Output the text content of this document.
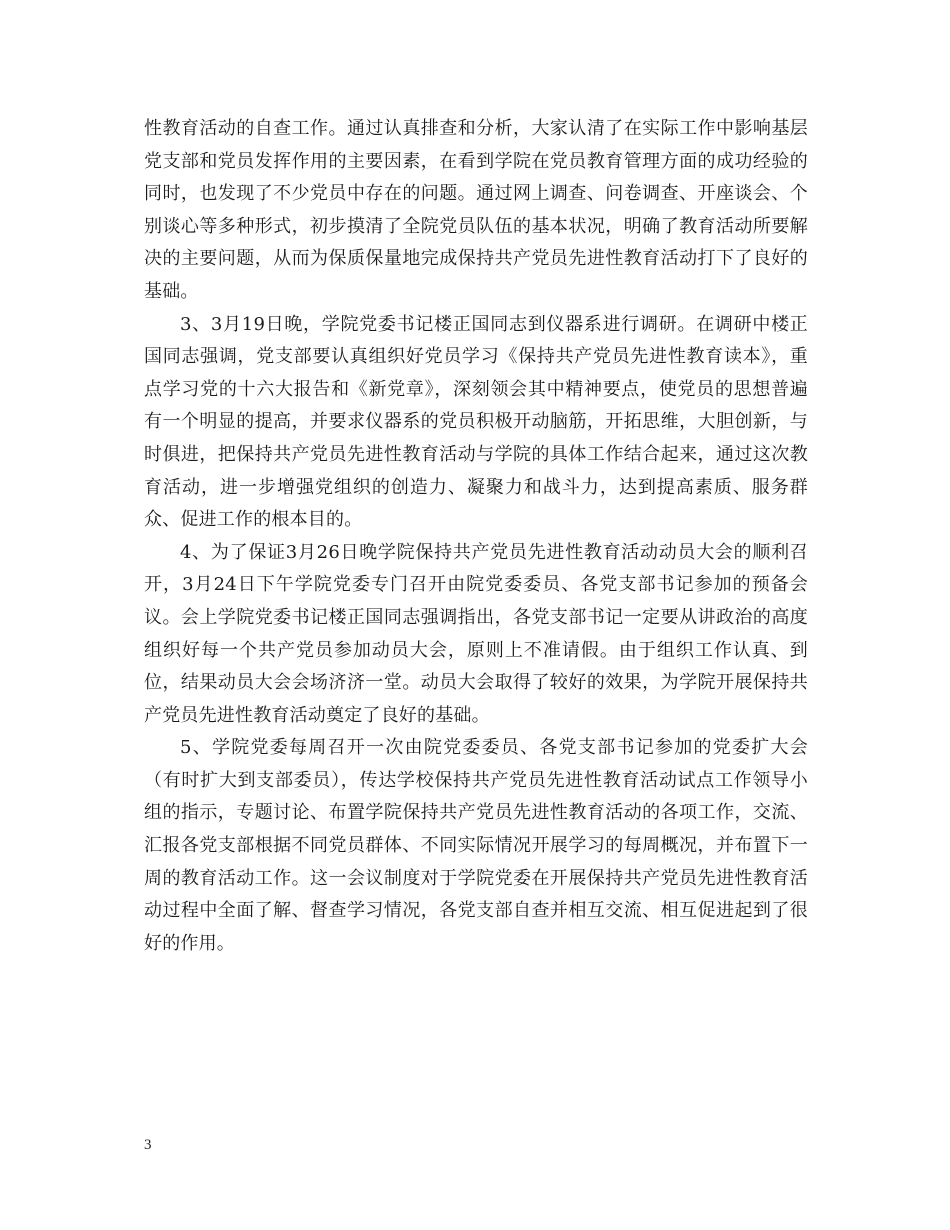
性教育活动的自查工作。通过认真排查和分析，大家认清了在实际工作中影响基层党支部和党员发挥作用的主要因素，在看到学院在党员教育管理方面的成功经验的同时，也发现了不少党员中存在的问题。通过网上调查、问卷调查、开座谈会、个别谈心等多种形式，初步摸清了全院党员队伍的基本状况，明确了教育活动所要解决的主要问题，从而为保质保量地完成保持共产党员先进性教育活动打下了良好的基础。

3、3月19日晚，学院党委书记楼正国同志到仪器系进行调研。在调研中楼正国同志强调，党支部要认真组织好党员学习《保持共产党员先进性教育读本》，重点学习党的十六大报告和《新党章》，深刻领会其中精神要点，使党员的思想普遍有一个明显的提高，并要求仪器系的党员积极开动脑筋，开拓思维，大胆创新，与时俱进，把保持共产党员先进性教育活动与学院的具体工作结合起来，通过这次教育活动，进一步增强党组织的创造力、凝聚力和战斗力，达到提高素质、服务群众、促进工作的根本目的。

4、为了保证3月26日晚学院保持共产党员先进性教育活动动员大会的顺利召开，3月24日下午学院党委专门召开由院党委委员、各党支部书记参加的预备会议。会上学院党委书记楼正国同志强调指出，各党支部书记一定要从讲政治的高度组织好每一个共产党员参加动员大会，原则上不准请假。由于组织工作认真、到位，结果动员大会会场济济一堂。动员大会取得了较好的效果，为学院开展保持共产党员先进性教育活动奠定了良好的基础。

5、学院党委每周召开一次由院党委委员、各党支部书记参加的党委扩大会（有时扩大到支部委员），传达学校保持共产党员先进性教育活动试点工作领导小组的指示，专题讨论、布置学院保持共产党员先进性教育活动的各项工作，交流、汇报各党支部根据不同党员群体、不同实际情况开展学习的每周概况，并布置下一周的教育活动工作。这一会议制度对于学院党委在开展保持共产党员先进性教育活动过程中全面了解、督查学习情况，各党支部自查并相互交流、相互促进起到了很好的作用。

3
